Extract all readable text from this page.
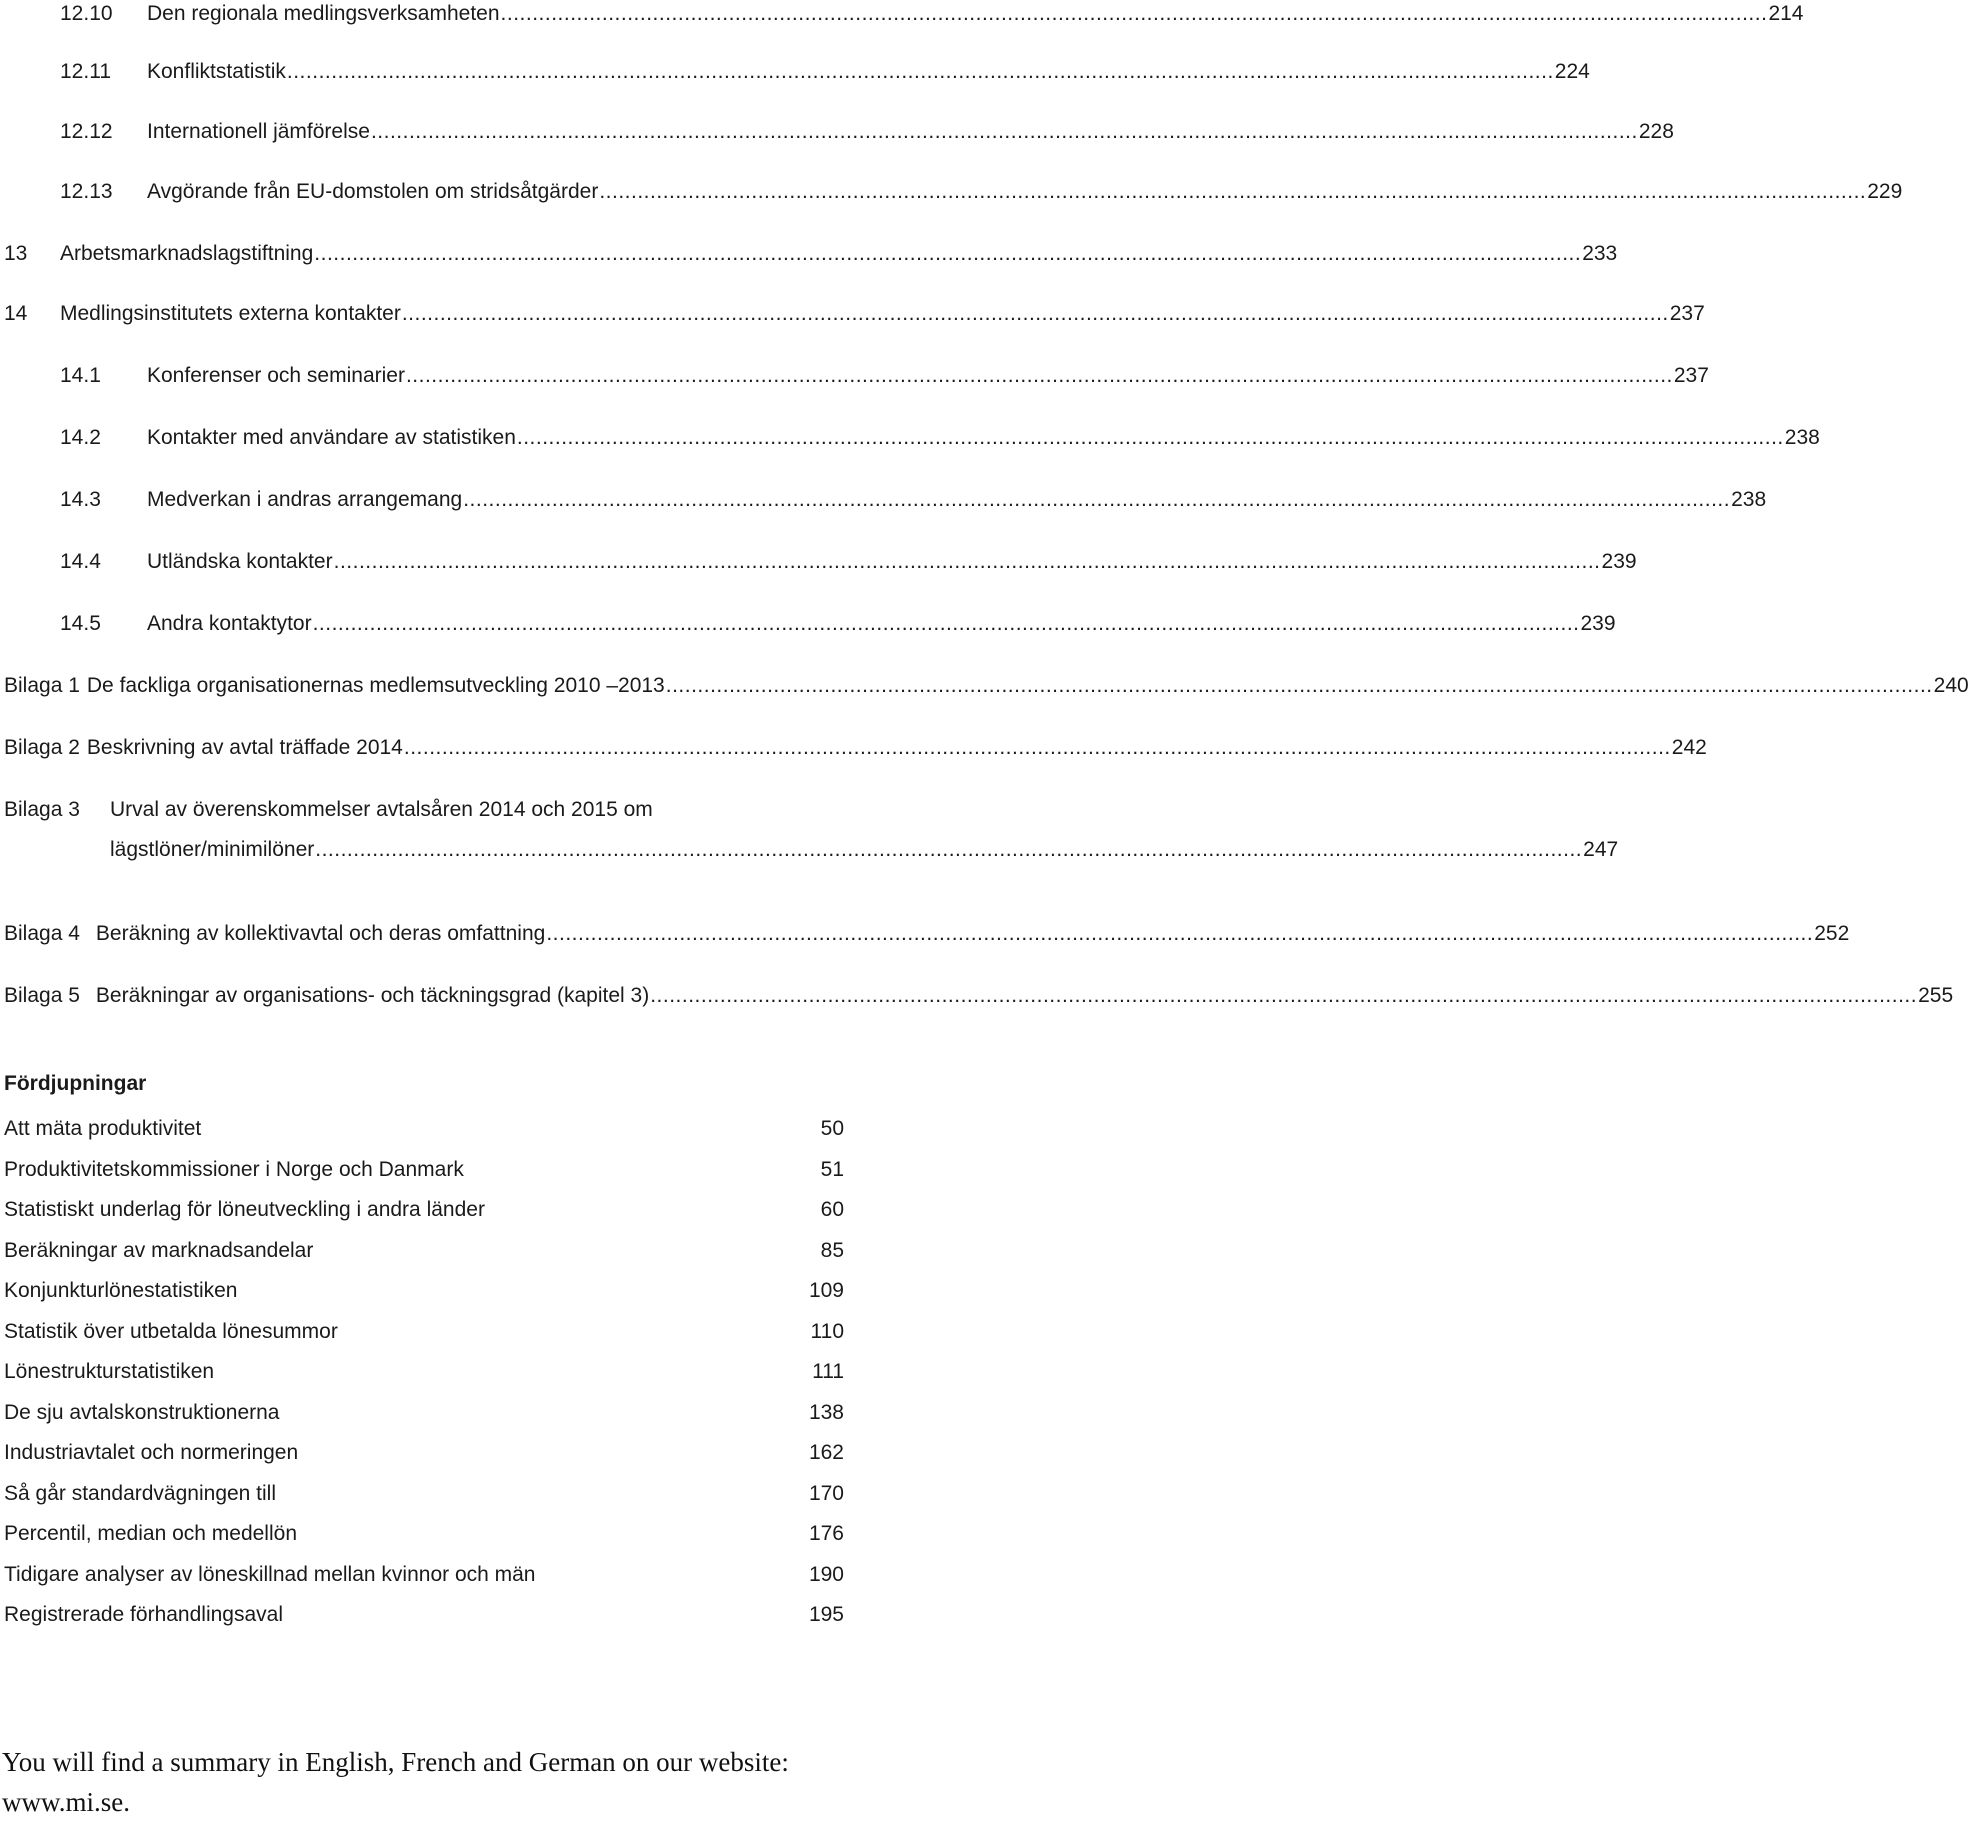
12.10 Den regionala medlingsverksamheten ........................................................................................................................................................................................................ 214
12.11 Konfliktstatistik ........................................................................................................................................................................................................ 224
12.12 Internationell jämförelse ........................................................................................................................................................................................................ 228
12.13 Avgörande från EU-domstolen om stridsåtgärder ........................................................................................................................................................................................................ 229
13 Arbetsmarknadslagstiftning ........................................................................................................................................................................................................ 233
14 Medlingsinstitutets externa kontakter ........................................................................................................................................................................................................ 237
14.1 Konferenser och seminarier ........................................................................................................................................................................................................ 237
14.2 Kontakter med användare av statistiken ........................................................................................................................................................................................................ 238
14.3 Medverkan i andras arrangemang ........................................................................................................................................................................................................ 238
14.4 Utländska kontakter ........................................................................................................................................................................................................ 239
14.5 Andra kontaktytor ........................................................................................................................................................................................................ 239
Bilaga 1 De fackliga organisationernas medlemsutveckling 2010 –2013 ........................................................................................................................................................................................................ 240
Bilaga 2 Beskrivning av avtal träffade 2014 ........................................................................................................................................................................................................ 242
Bilaga 3 Urval av överenskommelser avtalsåren 2014 och 2015 om
lägstlöner/minimilöner ........................................................................................................................................................................................................ 247
Bilaga 4 Beräkning av kollektivavtal och deras omfattning ........................................................................................................................................................................................................ 252
Bilaga 5 Beräkningar av organisations- och täckningsgrad (kapitel 3) ........................................................................................................................................................................................................ 255
Fördjupningar
Att mäta produktivitet	50
Produktivitetskommissioner i Norge och Danmark	51
Statistiskt underlag för löneutveckling i andra länder	60
Beräkningar av marknadsandelar	85
Konjunkturlönestatistiken	109
Statistik över utbetalda lönesummor	110
Lönestrukturstatistiken	111
De sju avtalskonstruktionerna	138
Industriavtalet och normeringen	162
Så går standardvägningen till	170
Percentil, median och medellön	176
Tidigare analyser av löneskillnad mellan kvinnor och män	190
Registrerade förhandlingsaval	195
You will find a summary in English, French and German on our website:
www.mi.se.
